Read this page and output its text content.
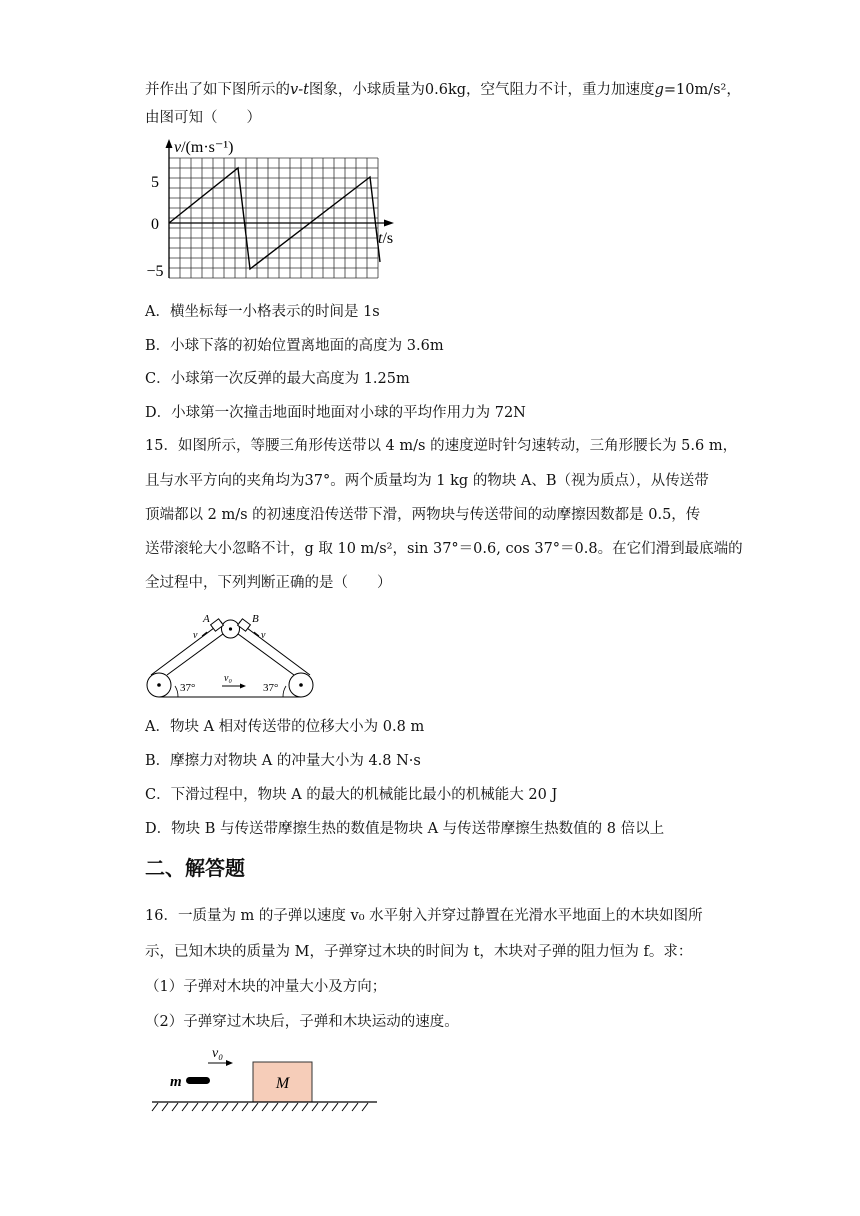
并作出了如下图所示的v-t图象，小球质量为0.6kg，空气阻力不计，重力加速度g=10m/s²，
由图可知（　　）
v/(m·s⁻¹)
5
0
−5
t/s
A．横坐标每一小格表示的时间是 1s
B．小球下落的初始位置离地面的高度为 3.6m
C．小球第一次反弹的最大高度为 1.25m
D．小球第一次撞击地面时地面对小球的平均作用力为 72N
15．如图所示，等腰三角形传送带以 4 m/s 的速度逆时针匀速转动，三角形腰长为 5.6 m，
且与水平方向的夹角均为37°。两个质量均为 1 kg 的物块 A、B（视为质点），从传送带
顶端都以 2 m/s 的初速度沿传送带下滑，两物块与传送带间的动摩擦因数都是 0.5，传
送带滚轮大小忽略不计，g 取 10 m/s²，sin 37°＝0.6, cos 37°＝0.8。在它们滑到最底端的
全过程中，下列判断正确的是（　　）
A	B
v	v
37°	37°
v₀
A．物块 A 相对传送带的位移大小为 0.8 m
B．摩擦力对物块 A 的冲量大小为 4.8 N·s
C．下滑过程中，物块 A 的最大的机械能比最小的机械能大 20 J
D．物块 B 与传送带摩擦生热的数值是物块 A 与传送带摩擦生热数值的 8 倍以上
二、解答题
16．一质量为 m 的子弹以速度 v₀ 水平射入并穿过静置在光滑水平地面上的木块如图所
示，已知木块的质量为 M，子弹穿过木块的时间为 t，木块对子弹的阻力恒为 f。求：
（1）子弹对木块的冲量大小及方向；
（2）子弹穿过木块后，子弹和木块运动的速度。
v₀
m	M
